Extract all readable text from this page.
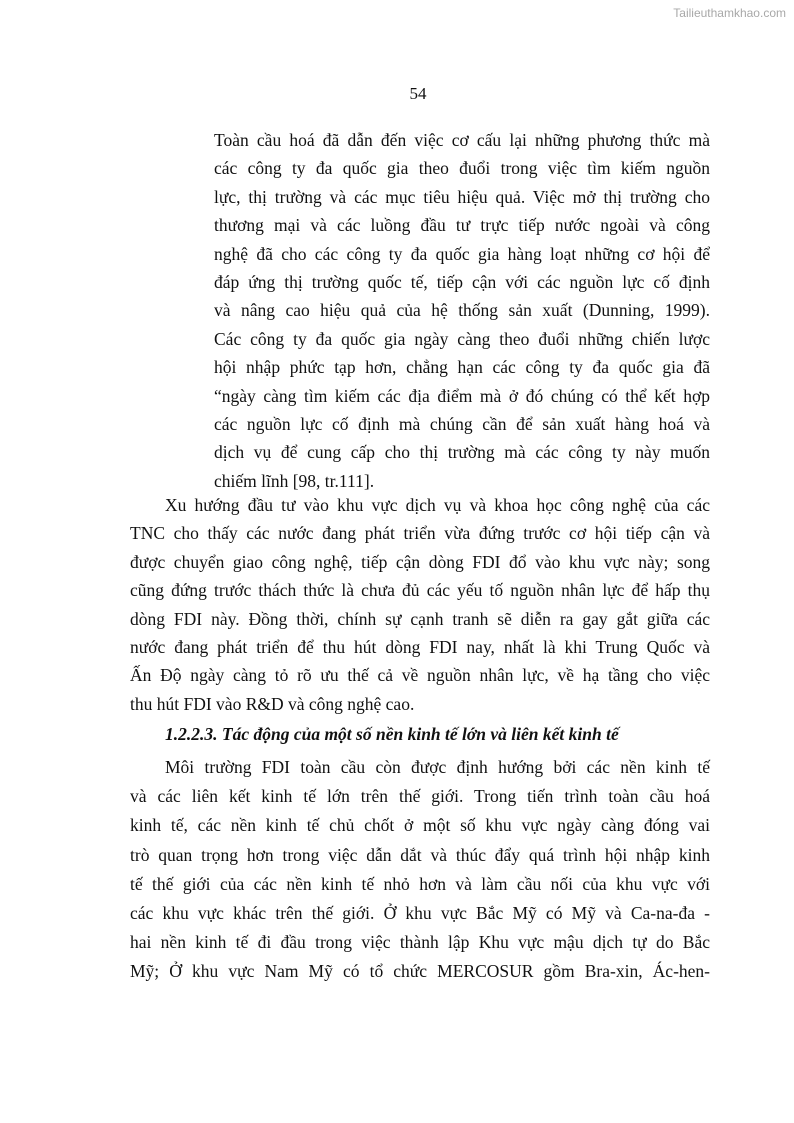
Tailieuthamkhao.com
54
Toàn cầu hoá đã dẫn đến việc cơ cấu lại những phương thức mà
các công ty đa quốc gia theo đuổi trong việc tìm kiếm nguồn
lực, thị trường và các mục tiêu hiệu quả. Việc mở thị trường cho
thương mại và các luồng đầu tư trực tiếp nước ngoài và công
nghệ đã cho các công ty đa quốc gia hàng loạt những cơ hội để
đáp ứng thị trường quốc tế, tiếp cận với các nguồn lực cố định
và nâng cao hiệu quả của hệ thống sản xuất (Dunning, 1999).
Các công ty đa quốc gia ngày càng theo đuổi những chiến lược
hội nhập phức tạp hơn, chẳng hạn các công ty đa quốc gia đã
“ngày càng tìm kiếm các địa điểm mà ở đó chúng có thể kết hợp
các nguồn lực cố định mà chúng cần để sản xuất hàng hoá và
dịch vụ để cung cấp cho thị trường mà các công ty này muốn
chiếm lĩnh [98, tr.111].
Xu hướng đầu tư vào khu vực dịch vụ và khoa học công nghệ của các
TNC cho thấy các nước đang phát triển vừa đứng trước cơ hội tiếp cận và
được chuyển giao công nghệ, tiếp cận dòng FDI đổ vào khu vực này; song
cũng đứng trước thách thức là chưa đủ các yếu tố nguồn nhân lực để hấp thụ
dòng FDI này. Đồng thời, chính sự cạnh tranh sẽ diễn ra gay gắt giữa các
nước đang phát triển để thu hút dòng FDI nay, nhất là khi Trung Quốc và
Ấn Độ ngày càng tỏ rõ ưu thế cả về nguồn nhân lực, về hạ tầng cho việc
thu hút FDI vào R&D và công nghệ cao.
1.2.2.3. Tác động của một số nền kinh tế lớn và liên kết kinh tế
Môi trường FDI toàn cầu còn được định hướng bởi các nền kinh tế
và các liên kết kinh tế lớn trên thế giới. Trong tiến trình toàn cầu hoá
kinh tế, các nền kinh tế chủ chốt ở một số khu vực ngày càng đóng vai
trò quan trọng hơn trong việc dẫn dắt và thúc đẩy quá trình hội nhập kinh
tế thế giới của các nền kinh tế nhỏ hơn và làm cầu nối của khu vực với
các khu vực khác trên thế giới. Ở khu vực Bắc Mỹ có Mỹ và Ca-na-đa -
hai nền kinh tế đi đầu trong việc thành lập Khu vực mậu dịch tự do Bắc
Mỹ; Ở khu vực Nam Mỹ có tổ chức MERCOSUR gồm Bra-xin, Ác-hen-
